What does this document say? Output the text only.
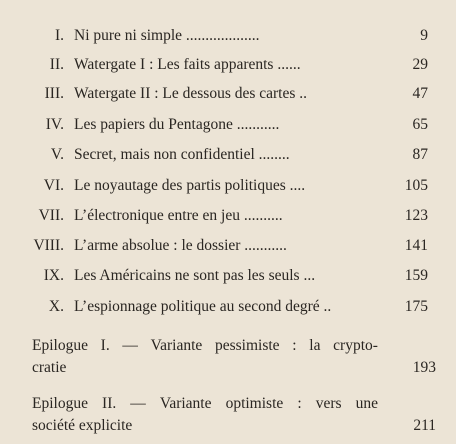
I. Ni pure ni simple ...................	9
II. Watergate I : Les faits apparents ......	29
III. Watergate II : Le dessous des cartes ..	47
IV. Les papiers du Pentagone ...........	65
V. Secret, mais non confidentiel ........	87
VI. Le noyautage des partis politiques ....	105
VII. L’électronique entre en jeu ..........	123
VIII. L’arme absolue : le dossier ...........	141
IX. Les Américains ne sont pas les seuls ...	159
X. L’espionnage politique au second degré ..	175
Epilogue I. — Variante pessimiste : la crypto-
cratie	193
Epilogue II. — Variante optimiste : vers une
société explicite	211
